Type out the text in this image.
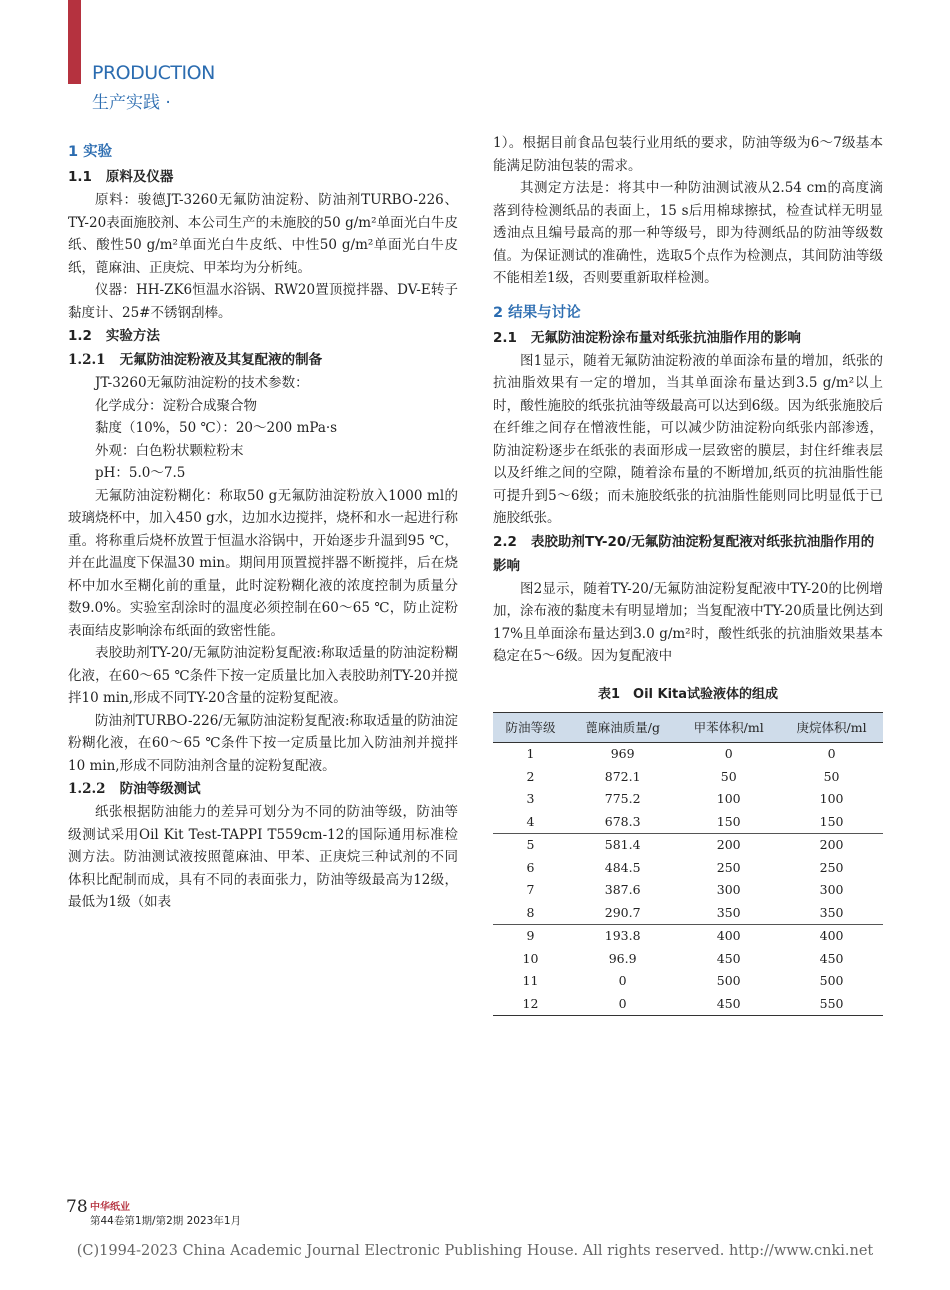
PRODUCTION
生产实践 ·
1 实验
1.1 原料及仪器

原料：骏德JT-3260无氟防油淀粉、防油剂TURBO-226、TY-20表面施胶剂、本公司生产的未施胶的50 g/m²单面光白牛皮纸、酸性50 g/m²单面光白牛皮纸、中性50 g/m²单面光白牛皮纸，蓖麻油、正庚烷、甲苯均为分析纯。

仪器：HH-ZK6恒温水浴锅、RW20置顶搅拌器、DV-E转子黏度计、25#不锈钢刮棒。

1.2 实验方法
1.2.1 无氟防油淀粉液及其复配液的制备

JT-3260无氟防油淀粉的技术参数：

化学成分：淀粉合成聚合物

黏度（10%，50 ℃）：20～200 mPa·s

外观：白色粉状颗粒粉末

pH：5.0～7.5

无氟防油淀粉糊化：称取50 g无氟防油淀粉放入1000 ml的玻璃烧杯中，加入450 g水，边加水边搅拌，烧杯和水一起进行称重。将称重后烧杯放置于恒温水浴锅中，开始逐步升温到95 ℃，并在此温度下保温30 min。期间用顶置搅拌器不断搅拌，后在烧杯中加水至糊化前的重量，此时淀粉糊化液的浓度控制为质量分数9.0%。实验室刮涂时的温度必须控制在60～65 ℃，防止淀粉表面结皮影响涂布纸面的致密性能。

表胶助剂TY-20/无氟防油淀粉复配液:称取适量的防油淀粉糊化液，在60～65 ℃条件下按一定质量比加入表胶助剂TY-20并搅拌10 min,形成不同TY-20含量的淀粉复配液。

防油剂TURBO-226/无氟防油淀粉复配液:称取适量的防油淀粉糊化液，在60～65 ℃条件下按一定质量比加入防油剂并搅拌10 min,形成不同防油剂含量的淀粉复配液。

1.2.2 防油等级测试

纸张根据防油能力的差异可划分为不同的防油等级，防油等级测试采用Oil Kit Test-TAPPI T559cm-12的国际通用标准检测方法。防油测试液按照蓖麻油、甲苯、正庚烷三种试剂的不同体积比配制而成，具有不同的表面张力，防油等级最高为12级，最低为1级（如表

1）。根据目前食品包装行业用纸的要求，防油等级为6～7级基本能满足防油包装的需求。

其测定方法是：将其中一种防油测试液从2.54 cm的高度滴落到待检测纸品的表面上，15 s后用棉球擦拭，检查试样无明显透油点且编号最高的那一种等级号，即为待测纸品的防油等级数值。为保证测试的准确性，选取5个点作为检测点，其间防油等级不能相差1级，否则要重新取样检测。

2 结果与讨论
2.1 无氟防油淀粉涂布量对纸张抗油脂作用的影响

图1显示，随着无氟防油淀粉液的单面涂布量的增加，纸张的抗油脂效果有一定的增加，当其单面涂布量达到3.5 g/m²以上时，酸性施胶的纸张抗油等级最高可以达到6级。因为纸张施胶后在纤维之间存在憎液性能，可以减少防油淀粉向纸张内部渗透，防油淀粉逐步在纸张的表面形成一层致密的膜层，封住纤维表层以及纤维之间的空隙，随着涂布量的不断增加,纸页的抗油脂性能可提升到5～6级；而未施胶纸张的抗油脂性能则同比明显低于已施胶纸张。

2.2 表胶助剂TY-20/无氟防油淀粉复配液对纸张抗油脂作用的影响

图2显示，随着TY-20/无氟防油淀粉复配液中TY-20的比例增加，涂布液的黏度未有明显增加；当复配液中TY-20质量比例达到17%且单面涂布量达到3.0 g/m²时，酸性纸张的抗油脂效果基本稳定在5～6级。因为复配液中

表1　Oil Kita试验液体的组成
防油等级	蓖麻油质量/g	甲苯体积/ml	庚烷体积/ml
1	969	0	0
2	872.1	50	50
3	775.2	100	100
4	678.3	150	150
5	581.4	200	200
6	484.5	250	250
7	387.6	300	300
8	290.7	350	350
9	193.8	400	400
10	96.9	450	450
11	0	500	500
12	0	450	550
78 中华纸业
第44卷第1期/第2期 2023年1月
(C)1994-2023 China Academic Journal Electronic Publishing House. All rights reserved. http://www.cnki.net
